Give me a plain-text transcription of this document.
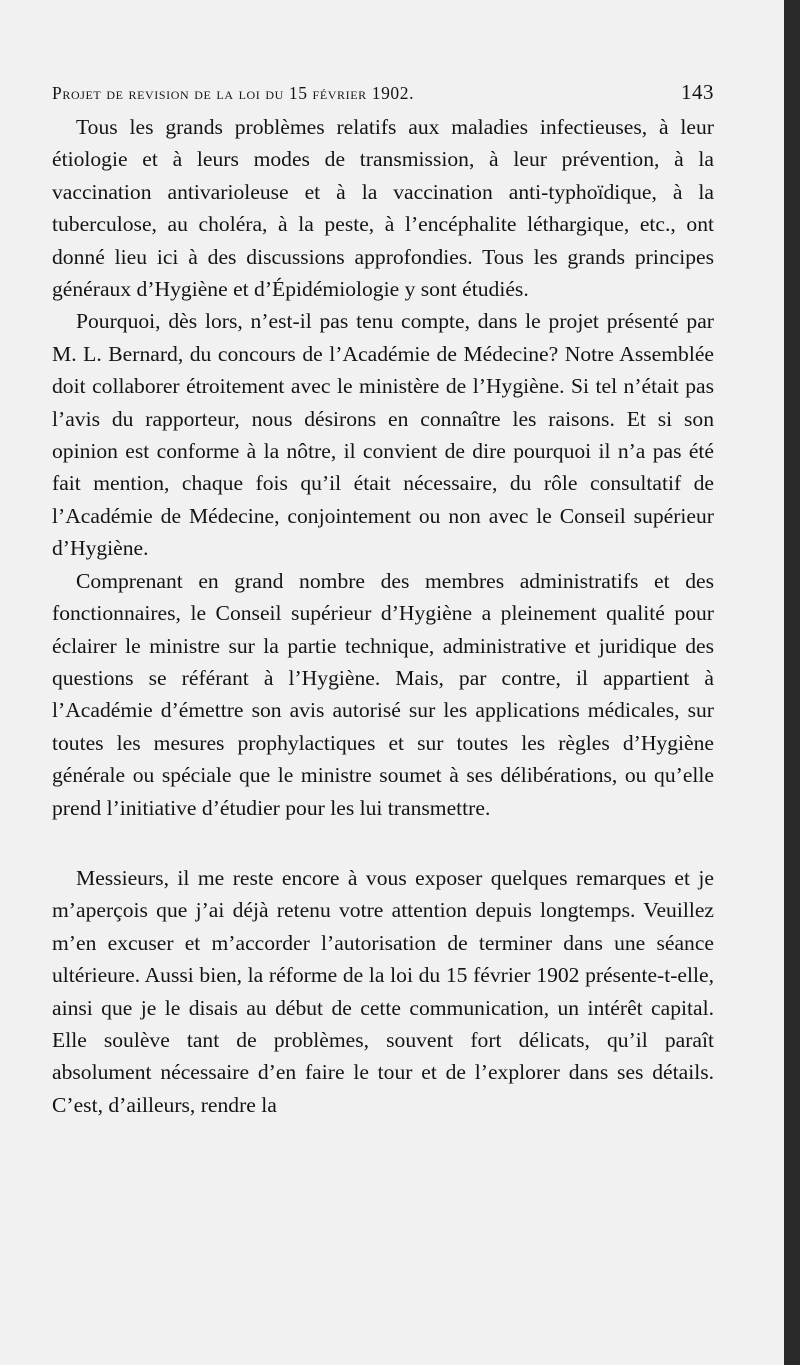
Projet de revision de la loi du 15 février 1902.	143

Tous les grands problèmes relatifs aux maladies infectieuses, à leur étiologie et à leurs modes de transmission, à leur prévention, à la vaccination antivarioleuse et à la vaccination anti-typhoïdique, à la tuberculose, au choléra, à la peste, à l’encéphalite léthargique, etc., ont donné lieu ici à des discussions approfondies. Tous les grands principes généraux d’Hygiène et d’Épidémiologie y sont étudiés.

Pourquoi, dès lors, n’est-il pas tenu compte, dans le projet présenté par M. L. Bernard, du concours de l’Académie de Médecine? Notre Assemblée doit collaborer étroitement avec le ministère de l’Hygiène. Si tel n’était pas l’avis du rapporteur, nous désirons en connaître les raisons. Et si son opinion est conforme à la nôtre, il convient de dire pourquoi il n’a pas été fait mention, chaque fois qu’il était nécessaire, du rôle consultatif de l’Académie de Médecine, conjointement ou non avec le Conseil supérieur d’Hygiène.

Comprenant en grand nombre des membres administratifs et des fonctionnaires, le Conseil supérieur d’Hygiène a pleinement qualité pour éclairer le ministre sur la partie technique, administrative et juridique des questions se référant à l’Hygiène. Mais, par contre, il appartient à l’Académie d’émettre son avis autorisé sur les applications médicales, sur toutes les mesures prophylactiques et sur toutes les règles d’Hygiène générale ou spéciale que le ministre soumet à ses délibérations, ou qu’elle prend l’initiative d’étudier pour les lui transmettre.

Messieurs, il me reste encore à vous exposer quelques remarques et je m’aperçois que j’ai déjà retenu votre attention depuis longtemps. Veuillez m’en excuser et m’accorder l’autorisation de terminer dans une séance ultérieure. Aussi bien, la réforme de la loi du 15 février 1902 présente-t-elle, ainsi que je le disais au début de cette communication, un intérêt capital. Elle soulève tant de problèmes, souvent fort délicats, qu’il paraît absolument nécessaire d’en faire le tour et de l’explorer dans ses détails. C’est, d’ailleurs, rendre la
